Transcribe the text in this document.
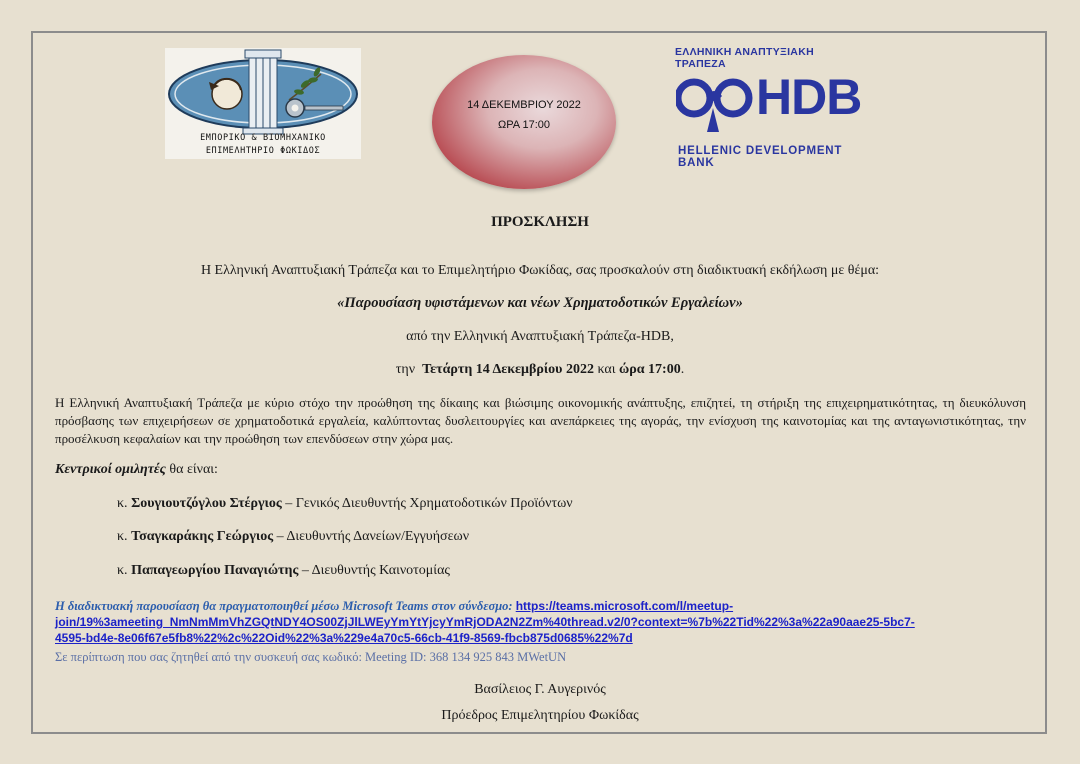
ΕΜΠΟΡΙΚΟ & ΒΙΟΜΗΧΑΝΙΚΟ
ΕΠΙΜΕΛΗΤΗΡΙΟ ΦΩΚΙΔΟΣ
14 ΔΕΚΕΜΒΡΙΟΥ 2022
ΩΡΑ 17:00
ΕΛΛΗΝΙΚΗ ΑΝΑΠΤΥΞΙΑΚΗ ΤΡΑΠΕΖΑ
HDB
HELLENIC DEVELOPMENT BANK
ΠΡΟΣΚΛΗΣΗ
Η Ελληνική Αναπτυξιακή Τράπεζα και το Επιμελητήριο Φωκίδας, σας προσκαλούν στη διαδικτυακή εκδήλωση με θέμα:
«Παρουσίαση υφιστάμενων και νέων Χρηματοδοτικών Εργαλείων»
από την Ελληνική Αναπτυξιακή Τράπεζα-HDB,
την Τετάρτη 14 Δεκεμβρίου 2022 και ώρα 17:00.
Η Ελληνική Αναπτυξιακή Τράπεζα με κύριο στόχο την προώθηση της δίκαιης και βιώσιμης οικονομικής ανάπτυξης, επιζητεί, τη στήριξη της επιχειρηματικότητας, τη διευκόλυνση πρόσβασης των επιχειρήσεων σε χρηματοδοτικά εργαλεία, καλύπτοντας δυσλειτουργίες και ανεπάρκειες της αγοράς, την ενίσχυση της καινοτομίας και της ανταγωνιστικότητας, την προσέλκυση κεφαλαίων και την προώθηση των επενδύσεων στην χώρα μας.
Κεντρικοί ομιλητές θα είναι:
κ. Σουγιουτζόγλου Στέργιος – Γενικός Διευθυντής Χρηματοδοτικών Προϊόντων
κ. Τσαγκαράκης Γεώργιος – Διευθυντής Δανείων/Εγγυήσεων
κ. Παπαγεωργίου Παναγιώτης – Διευθυντής Καινοτομίας
Η διαδικτυακή παρουσίαση θα πραγματοποιηθεί μέσω Microsoft Teams στον σύνδεσμο: https://teams.microsoft.com/l/meetup-
join/19%3ameeting_NmNmMmVhZGQtNDY4OS00ZjJlLWEyYmYtYjcyYmRjODA2N2Zm%40thread.v2/0?context=%7b%22Tid%22%3a%22a90aae25-5bc7-
4595-bd4e-8e06f67e5fb8%22%2c%22Oid%22%3a%229e4a70c5-66cb-41f9-8569-fbcb875d0685%22%7d
Σε περίπτωση που σας ζητηθεί από την συσκευή σας κωδικό: Meeting ID: 368 134 925 843 MWetUN
Βασίλειος Γ. Αυγερινός
Πρόεδρος Επιμελητηρίου Φωκίδας
